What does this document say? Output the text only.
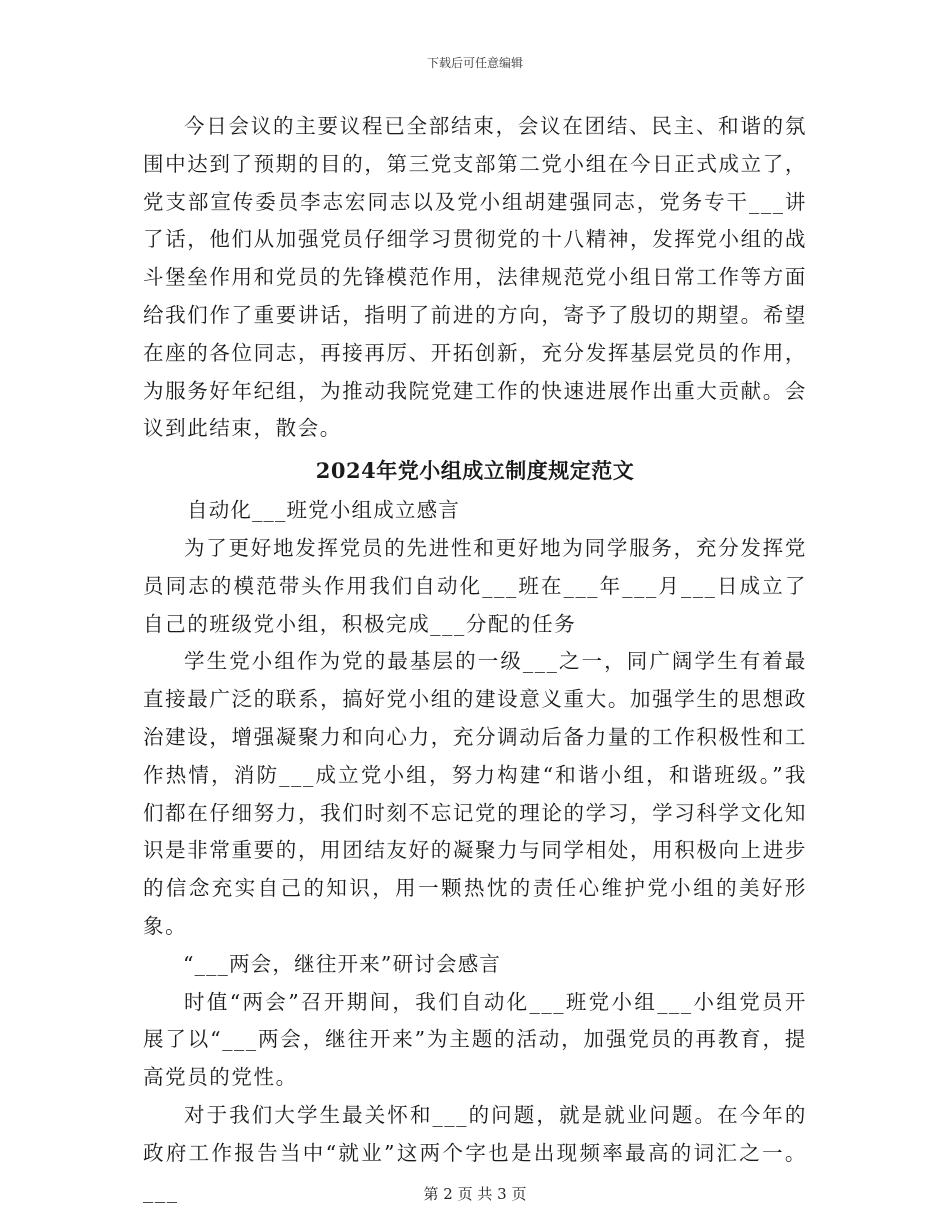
下载后可任意编辑

今日会议的主要议程已全部结束，会议在团结、民主、和谐的氛围中达到了预期的目的，第三党支部第二党小组在今日正式成立了，党支部宣传委员李志宏同志以及党小组胡建强同志，党务专干___讲了话，他们从加强党员仔细学习贯彻党的十八精神，发挥党小组的战斗堡垒作用和党员的先锋模范作用，法律规范党小组日常工作等方面给我们作了重要讲话，指明了前进的方向，寄予了殷切的期望。希望在座的各位同志，再接再厉、开拓创新，充分发挥基层党员的作用，为服务好年纪组，为推动我院党建工作的快速进展作出重大贡献。会议到此结束，散会。

2024年党小组成立制度规定范文

自动化___班党小组成立感言

为了更好地发挥党员的先进性和更好地为同学服务，充分发挥党员同志的模范带头作用我们自动化___班在___年___月___日成立了自己的班级党小组，积极完成___分配的任务

学生党小组作为党的最基层的一级___之一，同广阔学生有着最直接最广泛的联系，搞好党小组的建设意义重大。加强学生的思想政治建设，增强凝聚力和向心力，充分调动后备力量的工作积极性和工作热情，消防___成立党小组，努力构建“和谐小组，和谐班级。”我们都在仔细努力，我们时刻不忘记党的理论的学习，学习科学文化知识是非常重要的，用团结友好的凝聚力与同学相处，用积极向上进步的信念充实自己的知识，用一颗热忱的责任心维护党小组的美好形象。

“___两会，继往开来”研讨会感言

时值“两会”召开期间，我们自动化___班党小组___小组党员开展了以“___两会，继往开来”为主题的活动，加强党员的再教育，提高党员的党性。

对于我们大学生最关怀和___的问题，就是就业问题。在今年的政府工作报告当中“就业”这两个字也是出现频率最高的词汇之一。___	第 2 页 共 3 页
